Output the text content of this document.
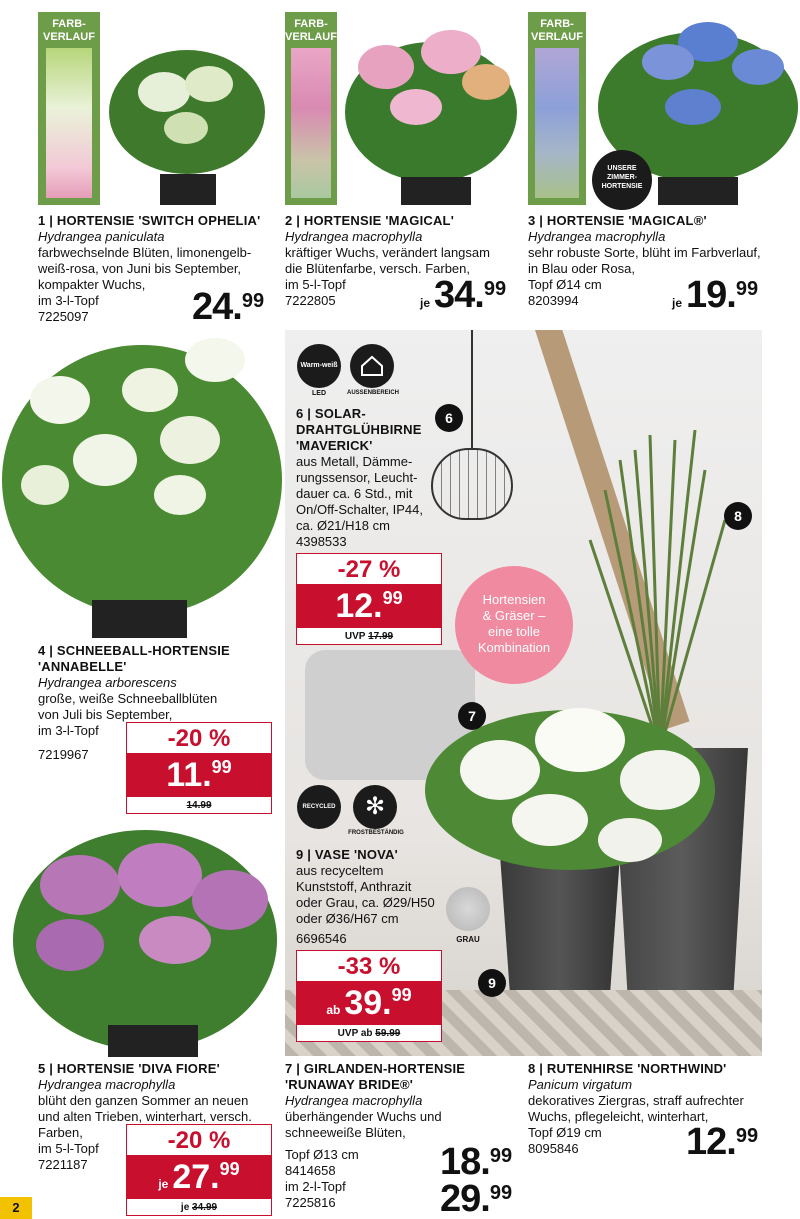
FARB-
VERLAUF
FARB-
VERLAUF
FARB-
VERLAUF
UNSERE
ZIMMER-
HORTENSIE
1 | HORTENSIE 'SWITCH OPHELIA'
Hydrangea paniculata
farbwechselnde Blüten, limonengelb-
weiß-rosa, von Juni bis September,
kompakter Wuchs,
im 3-l-Topf
7225097	24.99
2 | HORTENSIE 'MAGICAL'
Hydrangea macrophylla
kräftiger Wuchs, verändert langsam
die Blütenfarbe, versch. Farben,
im 5-l-Topf
7222805	je 34.99
3 | HORTENSIE 'MAGICAL®'
Hydrangea macrophylla
sehr robuste Sorte, blüht im Farbverlauf,
in Blau oder Rosa,
Topf Ø14 cm
8203994	je 19.99
4 | SCHNEEBALL-HORTENSIE
'ANNABELLE'
Hydrangea arborescens
große, weiße Schneeballblüten
von Juli bis September,
im 3-l-Topf
7219967
-20 %
11.99
14.99
5 | HORTENSIE 'DIVA FIORE'
Hydrangea macrophylla
blüht den ganzen Sommer an neuen
und alten Trieben, winterhart, versch.
Farben,
im 5-l-Topf
7221187
-20 %
je 27.99
je 34.99
Hortensien
& Gräser –
eine tolle
Kombination
6
8
7
9
Warm-weiß
LED	AUSSENBEREICH
6 | SOLAR-
DRAHTGLÜHBIRNE
'MAVERICK'
aus Metall, Dämme-
rungssensor, Leucht-
dauer ca. 6 Std., mit
On/Off-Schalter, IP44,
ca. Ø21/H18 cm
4398533
-27 %
12.99
UVP 17.99
RECYCLED	✻
FROSTBESTÄNDIG
9 | VASE 'NOVA'
aus recyceltem
Kunststoff, Anthrazit
oder Grau, ca. Ø29/H50
oder Ø36/H67 cm
6696546	GRAU
-33 %
ab 39.99
UVP ab 59.99
7 | GIRLANDEN-HORTENSIE
'RUNAWAY BRIDE®'
Hydrangea macrophylla
überhängender Wuchs und
schneeweiße Blüten,
Topf Ø13 cm
8414658
im 2-l-Topf
7225816
18.99
29.99
8 | RUTENHIRSE 'NORTHWIND'
Panicum virgatum
dekoratives Ziergras, straff aufrechter
Wuchs, pflegeleicht, winterhart,
Topf Ø19 cm
8095846	12.99
2
